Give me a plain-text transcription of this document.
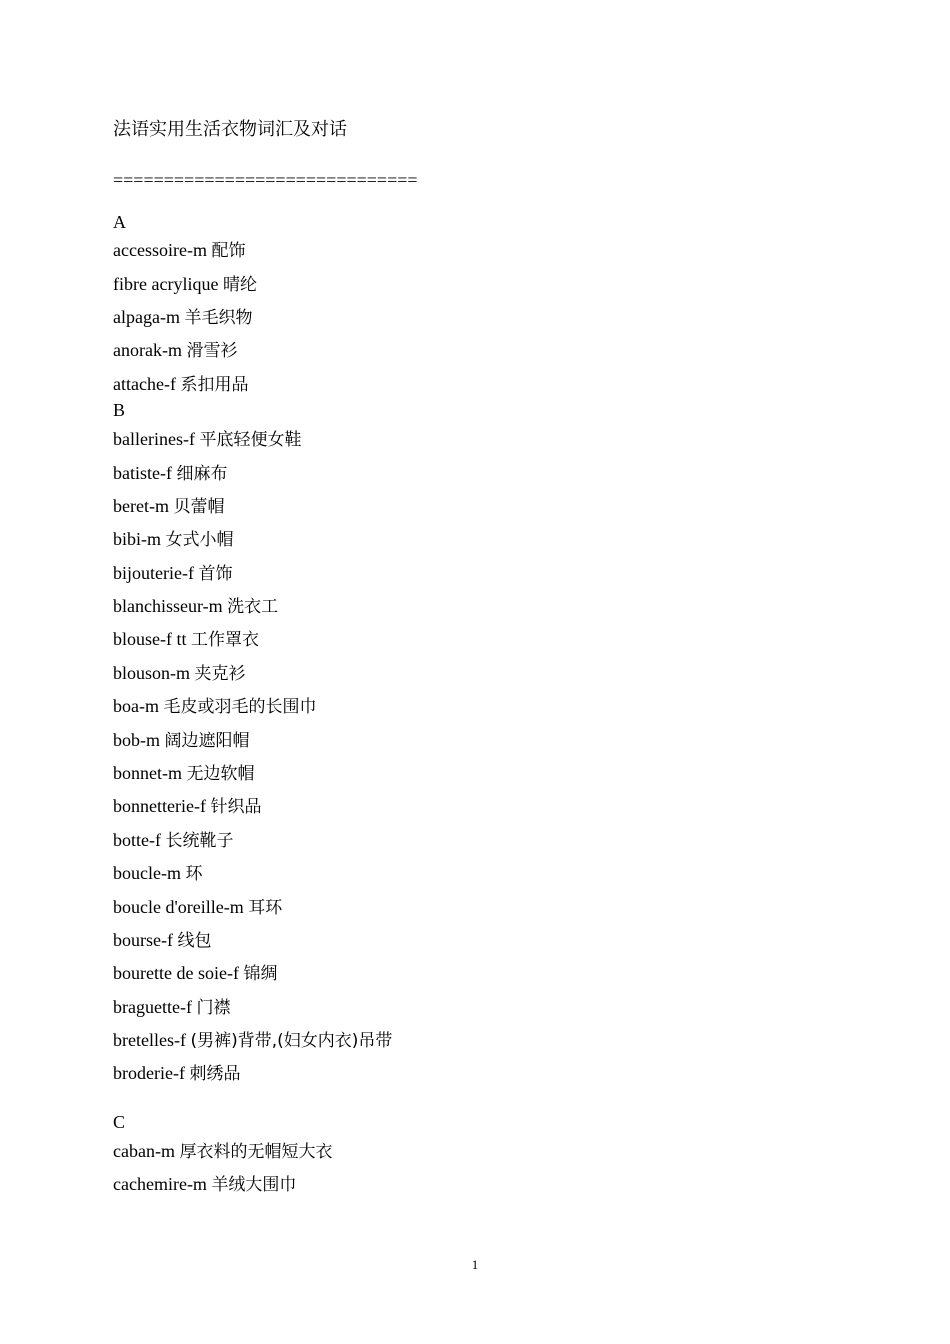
法语实用生活衣物词汇及对话
==============================
A
accessoire-m 配饰
fibre acrylique 晴纶
alpaga-m 羊毛织物
anorak-m 滑雪衫
attache-f 系扣用品
B
ballerines-f 平底轻便女鞋
batiste-f 细麻布
beret-m 贝蕾帽
bibi-m 女式小帽
bijouterie-f 首饰
blanchisseur-m 洗衣工
blouse-f tt 工作罩衣
blouson-m 夹克衫
boa-m 毛皮或羽毛的长围巾
bob-m 阔边遮阳帽
bonnet-m 无边软帽
bonnetterie-f 针织品
botte-f 长统靴子
boucle-m 环
boucle d'oreille-m 耳环
bourse-f 线包
bourette de soie-f 锦绸
braguette-f 门襟
bretelles-f (男裤)背带,(妇女内衣)吊带
broderie-f 刺绣品
C
caban-m 厚衣料的无帽短大衣
cachemire-m 羊绒大围巾
1
